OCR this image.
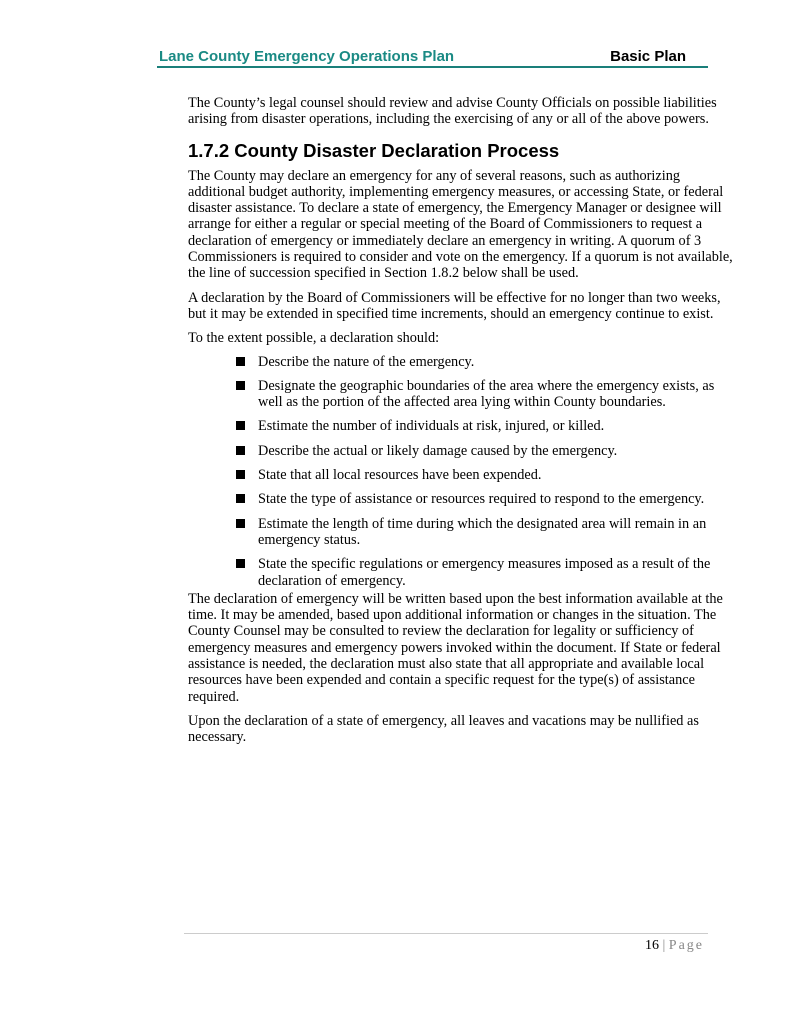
Lane County Emergency Operations Plan	Basic Plan

The County’s legal counsel should review and advise County Officials on possible liabilities arising from disaster operations, including the exercising of any or all of the above powers.

1.7.2 County Disaster Declaration Process

The County may declare an emergency for any of several reasons, such as authorizing additional budget authority, implementing emergency measures, or accessing State, or federal disaster assistance. To declare a state of emergency, the Emergency Manager or designee will arrange for either a regular or special meeting of the Board of Commissioners to request a declaration of emergency or immediately declare an emergency in writing. A quorum of 3 Commissioners is required to consider and vote on the emergency. If a quorum is not available, the line of succession specified in Section 1.8.2 below shall be used.

A declaration by the Board of Commissioners will be effective for no longer than two weeks, but it may be extended in specified time increments, should an emergency continue to exist.

To the extent possible, a declaration should:

Describe the nature of the emergency.
Designate the geographic boundaries of the area where the emergency exists, as well as the portion of the affected area lying within County boundaries.
Estimate the number of individuals at risk, injured, or killed.
Describe the actual or likely damage caused by the emergency.
State that all local resources have been expended.
State the type of assistance or resources required to respond to the emergency.
Estimate the length of time during which the designated area will remain in an emergency status.
State the specific regulations or emergency measures imposed as a result of the declaration of emergency.

The declaration of emergency will be written based upon the best information available at the time. It may be amended, based upon additional information or changes in the situation. The County Counsel may be consulted to review the declaration for legality or sufficiency of emergency measures and emergency powers invoked within the document. If State or federal assistance is needed, the declaration must also state that all appropriate and available local resources have been expended and contain a specific request for the type(s) of assistance required.

Upon the declaration of a state of emergency, all leaves and vacations may be nullified as necessary.

16 | Page
